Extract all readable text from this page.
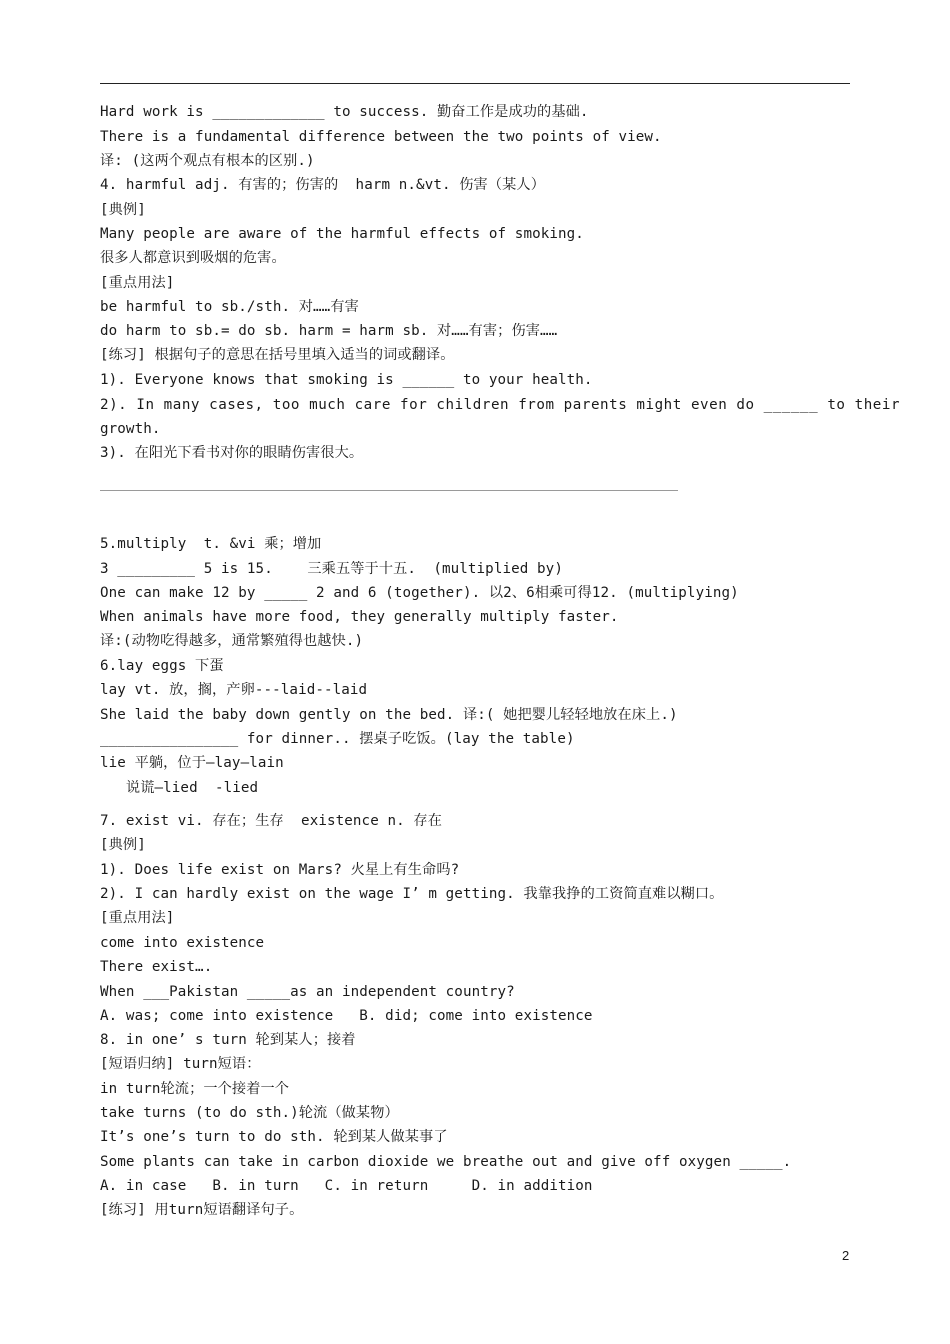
Hard work is _____________ to success. 勤奋工作是成功的基础.
There is a fundamental difference between the two points of view.
译: (这两个观点有根本的区别.)
4. harmful adj. 有害的；伤害的  harm n.&vt. 伤害（某人）
[典例]
Many people are aware of the harmful effects of smoking.
很多人都意识到吸烟的危害。
[重点用法]
be harmful to sb./sth. 对……有害
do harm to sb.= do sb. harm = harm sb. 对……有害；伤害……
[练习] 根据句子的意思在括号里填入适当的词或翻译。
1). Everyone knows that smoking is ______ to your health.
2). In many cases, too much care for children from parents might even do ______ to their
growth.
3). 在阳光下看书对你的眼睛伤害很大。
5.multiply  t. &vi 乘；增加
3 _________ 5 is 15.    三乘五等于十五.  (multiplied by)
One can make 12 by _____ 2 and 6 (together). 以2、6相乘可得12. (multiplying)
When animals have more food, they generally multiply faster.
译:(动物吃得越多，通常繁殖得也越快.)
6.lay eggs 下蛋
lay vt. 放，搁，产卵---laid--laid
She laid the baby down gently on the bed. 译:( 她把婴儿轻轻地放在床上.)
________________ for dinner.. 摆桌子吃饭。(lay the table)
lie 平躺，位于—lay—lain
说谎—lied  -lied
7. exist vi. 存在；生存  existence n. 存在
[典例]
1). Does life exist on Mars? 火星上有生命吗?
2). I can hardly exist on the wage I’ m getting. 我靠我挣的工资简直难以糊口。
[重点用法]
come into existence
There exist….
When ___Pakistan _____as an independent country?
A. was; come into existence   B. did; come into existence
8. in one’ s turn 轮到某人；接着
[短语归纳] turn短语：
in turn轮流；一个接着一个
take turns (to do sth.)轮流（做某物）
It’s one’s turn to do sth. 轮到某人做某事了
Some plants can take in carbon dioxide we breathe out and give off oxygen _____.
A. in case   B. in turn   C. in return     D. in addition
[练习] 用turn短语翻译句子。
2
